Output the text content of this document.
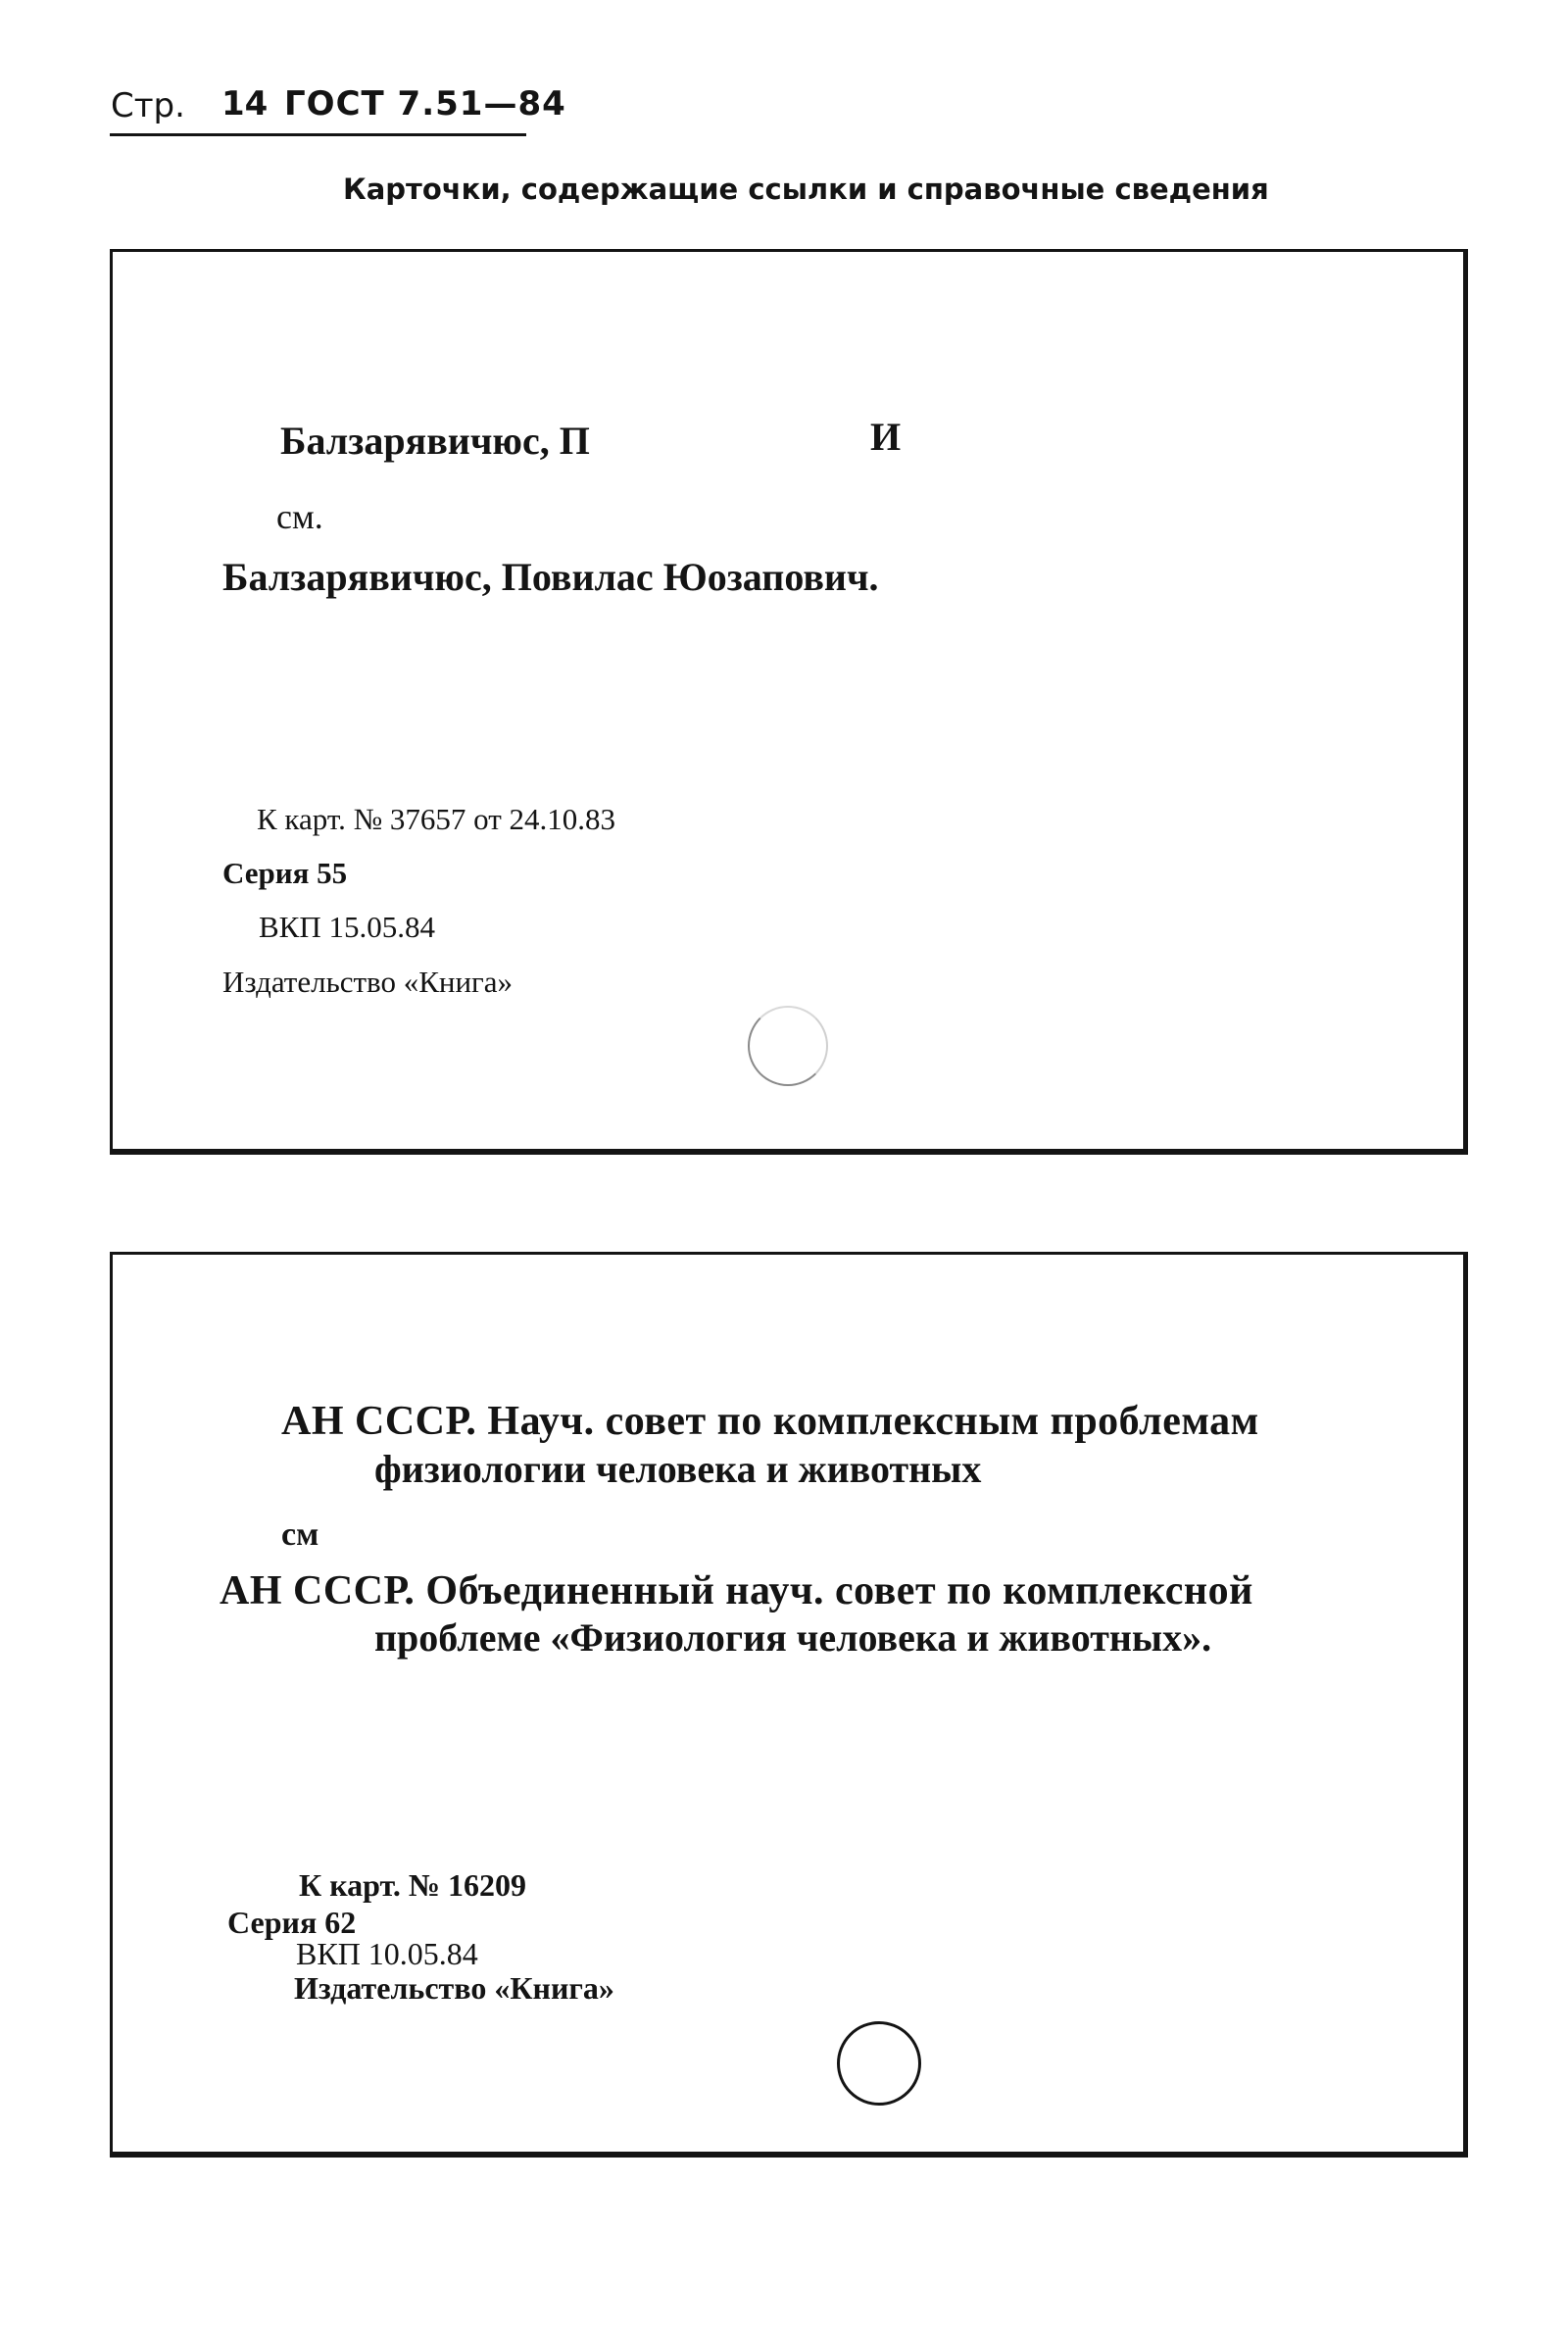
Стр. 14 ГОСТ 7.51—84
Карточки, содержащие ссылки и справочные сведения
Балзарявичюс, П	И
см.
Балзарявичюс, Повилас Юозапович.
К карт. № 37657 от 24.10.83
Серия 55
ВКП 15.05.84
Издательство «Книга»
АН СССР. Науч. совет по комплексным проблемам
физиологии человека и животных
см
АН СССР. Объединенный науч. совет по комплексной
проблеме «Физиология человека и животных».
К карт. № 16209
Серия 62
ВКП 10.05.84
Издательство «Книга»
